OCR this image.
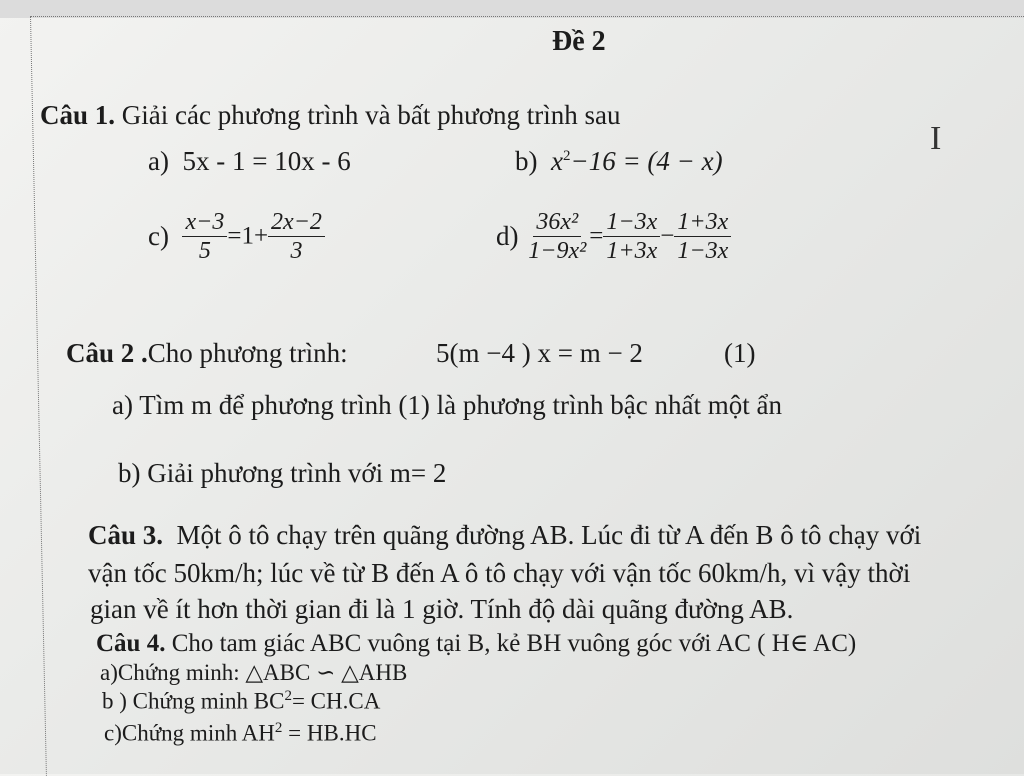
Đề 2
Câu 1. Giải các phương trình và bất phương trình sau
a) 5x - 1 = 10x - 6	b) $x^2-16 = (4 - x)$
$c) \frac{x-3}{5} =1+ \frac{2x-2}{3}$	$d) \frac{\text{36x²}}{\text{1−9x²}} = \frac{1-3x}{1+3x} - \frac{1+3x}{1-3x}$
Câu 2 .Cho phương trình:	5(m −4 ) x = m − 2	(1)
a) Tìm m để phương trình (1) là phương trình bậc nhất một ẩn
b) Giải phương trình với m= 2
Câu 3. Một ô tô chạy trên quãng đường AB. Lúc đi từ A đến B ô tô chạy với
vận tốc 50km/h; lúc về từ B đến A ô tô chạy với vận tốc 60km/h, vì vậy thời
gian về ít hơn thời gian đi là 1 giờ. Tính độ dài quãng đường AB.
Câu 4. Cho tam giác ABC vuông tại B, kẻ BH vuông góc với AC ( H∈ AC)
a)Chứng minh: △ABC ∽ △AHB
b ) Chứng minh $BC^2= CH.CA$
c)Chứng minh $AH^2 = HB.HC$
I
